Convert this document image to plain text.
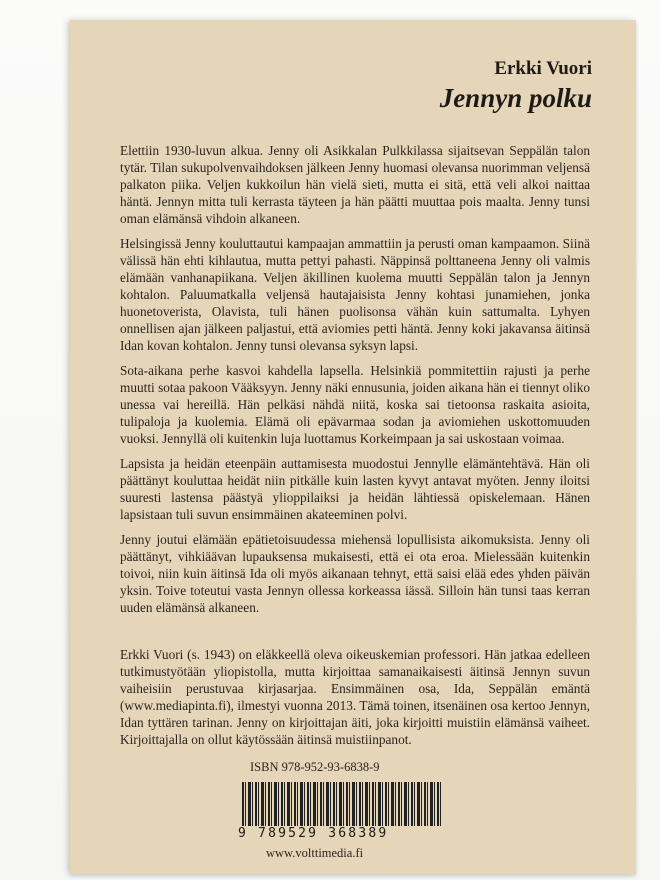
Erkki Vuori
Jennyn polku

Elettiin 1930-luvun alkua. Jenny oli Asikkalan Pulkkilassa sijaitsevan Seppälän talon tytär. Tilan sukupolvenvaihdoksen jälkeen Jenny huomasi olevansa nuorimman veljensä palkaton piika. Veljen kukkoilun hän vielä sieti, mutta ei sitä, että veli alkoi naittaa häntä. Jennyn mitta tuli kerrasta täyteen ja hän päätti muuttaa pois maalta. Jenny tunsi oman elämänsä vihdoin alkaneen.

Helsingissä Jenny kouluttautui kampaajan ammattiin ja perusti oman kampaamon. Siinä välissä hän ehti kihlautua, mutta pettyi pahasti. Näppinsä polttaneena Jenny oli valmis elämään vanhanapiikana. Veljen äkillinen kuolema muutti Seppälän talon ja Jennyn kohtalon. Paluumatkalla veljensä hautajaisista Jenny kohtasi junamiehen, jonka huonetoverista, Olavista, tuli hänen puolisonsa vähän kuin sattumalta. Lyhyen onnellisen ajan jälkeen paljastui, että aviomies petti häntä. Jenny koki jakavansa äitinsä Idan kovan kohtalon. Jenny tunsi olevansa syksyn lapsi.

Sota-aikana perhe kasvoi kahdella lapsella. Helsinkiä pommitettiin rajusti ja perhe muutti sotaa pakoon Vääksyyn. Jenny näki ennusunia, joiden aikana hän ei tiennyt oliko unessa vai hereillä. Hän pelkäsi nähdä niitä, koska sai tietoonsa raskaita asioita, tulipaloja ja kuolemia. Elämä oli epävarmaa sodan ja aviomiehen uskottomuuden vuoksi. Jennyllä oli kuitenkin luja luottamus Korkeimpaan ja sai uskostaan voimaa.

Lapsista ja heidän eteenpäin auttamisesta muodostui Jennylle elämäntehtävä. Hän oli päättänyt kouluttaa heidät niin pitkälle kuin lasten kyvyt antavat myöten. Jenny iloitsi suuresti lastensa päästyä ylioppilaiksi ja heidän lähtiessä opiskelemaan. Hänen lapsistaan tuli suvun ensimmäinen akateeminen polvi.

Jenny joutui elämään epätietoisuudessa miehensä lopullisista aikomuksista. Jenny oli päättänyt, vihkiäävan lupauksensa mukaisesti, että ei ota eroa. Mielessään kuitenkin toivoi, niin kuin äitinsä Ida oli myös aikanaan tehnyt, että saisi elää edes yhden päivän yksin. Toive toteutui vasta Jennyn ollessa korkeassa iässä. Silloin hän tunsi taas kerran uuden elämänsä alkaneen.

Erkki Vuori (s. 1943) on eläkkeellä oleva oikeuskemian professori. Hän jatkaa edelleen tutkimustyötään yliopistolla, mutta kirjoittaa samanaikaisesti äitinsä Jennyn suvun vaiheisiin perustuvaa kirjasarjaa. Ensimmäinen osa, Ida, Seppälän emäntä (www.mediapinta.fi), ilmestyi vuonna 2013. Tämä toinen, itsenäinen osa kertoo Jennyn, Idan tyttären tarinan. Jenny on kirjoittajan äiti, joka kirjoitti muistiin elämänsä vaiheet. Kirjoittajalla on ollut käytössään äitinsä muistiinpanot.

ISBN 978-952-93-6838-9
9 789529 368389
www.volttimedia.fi
